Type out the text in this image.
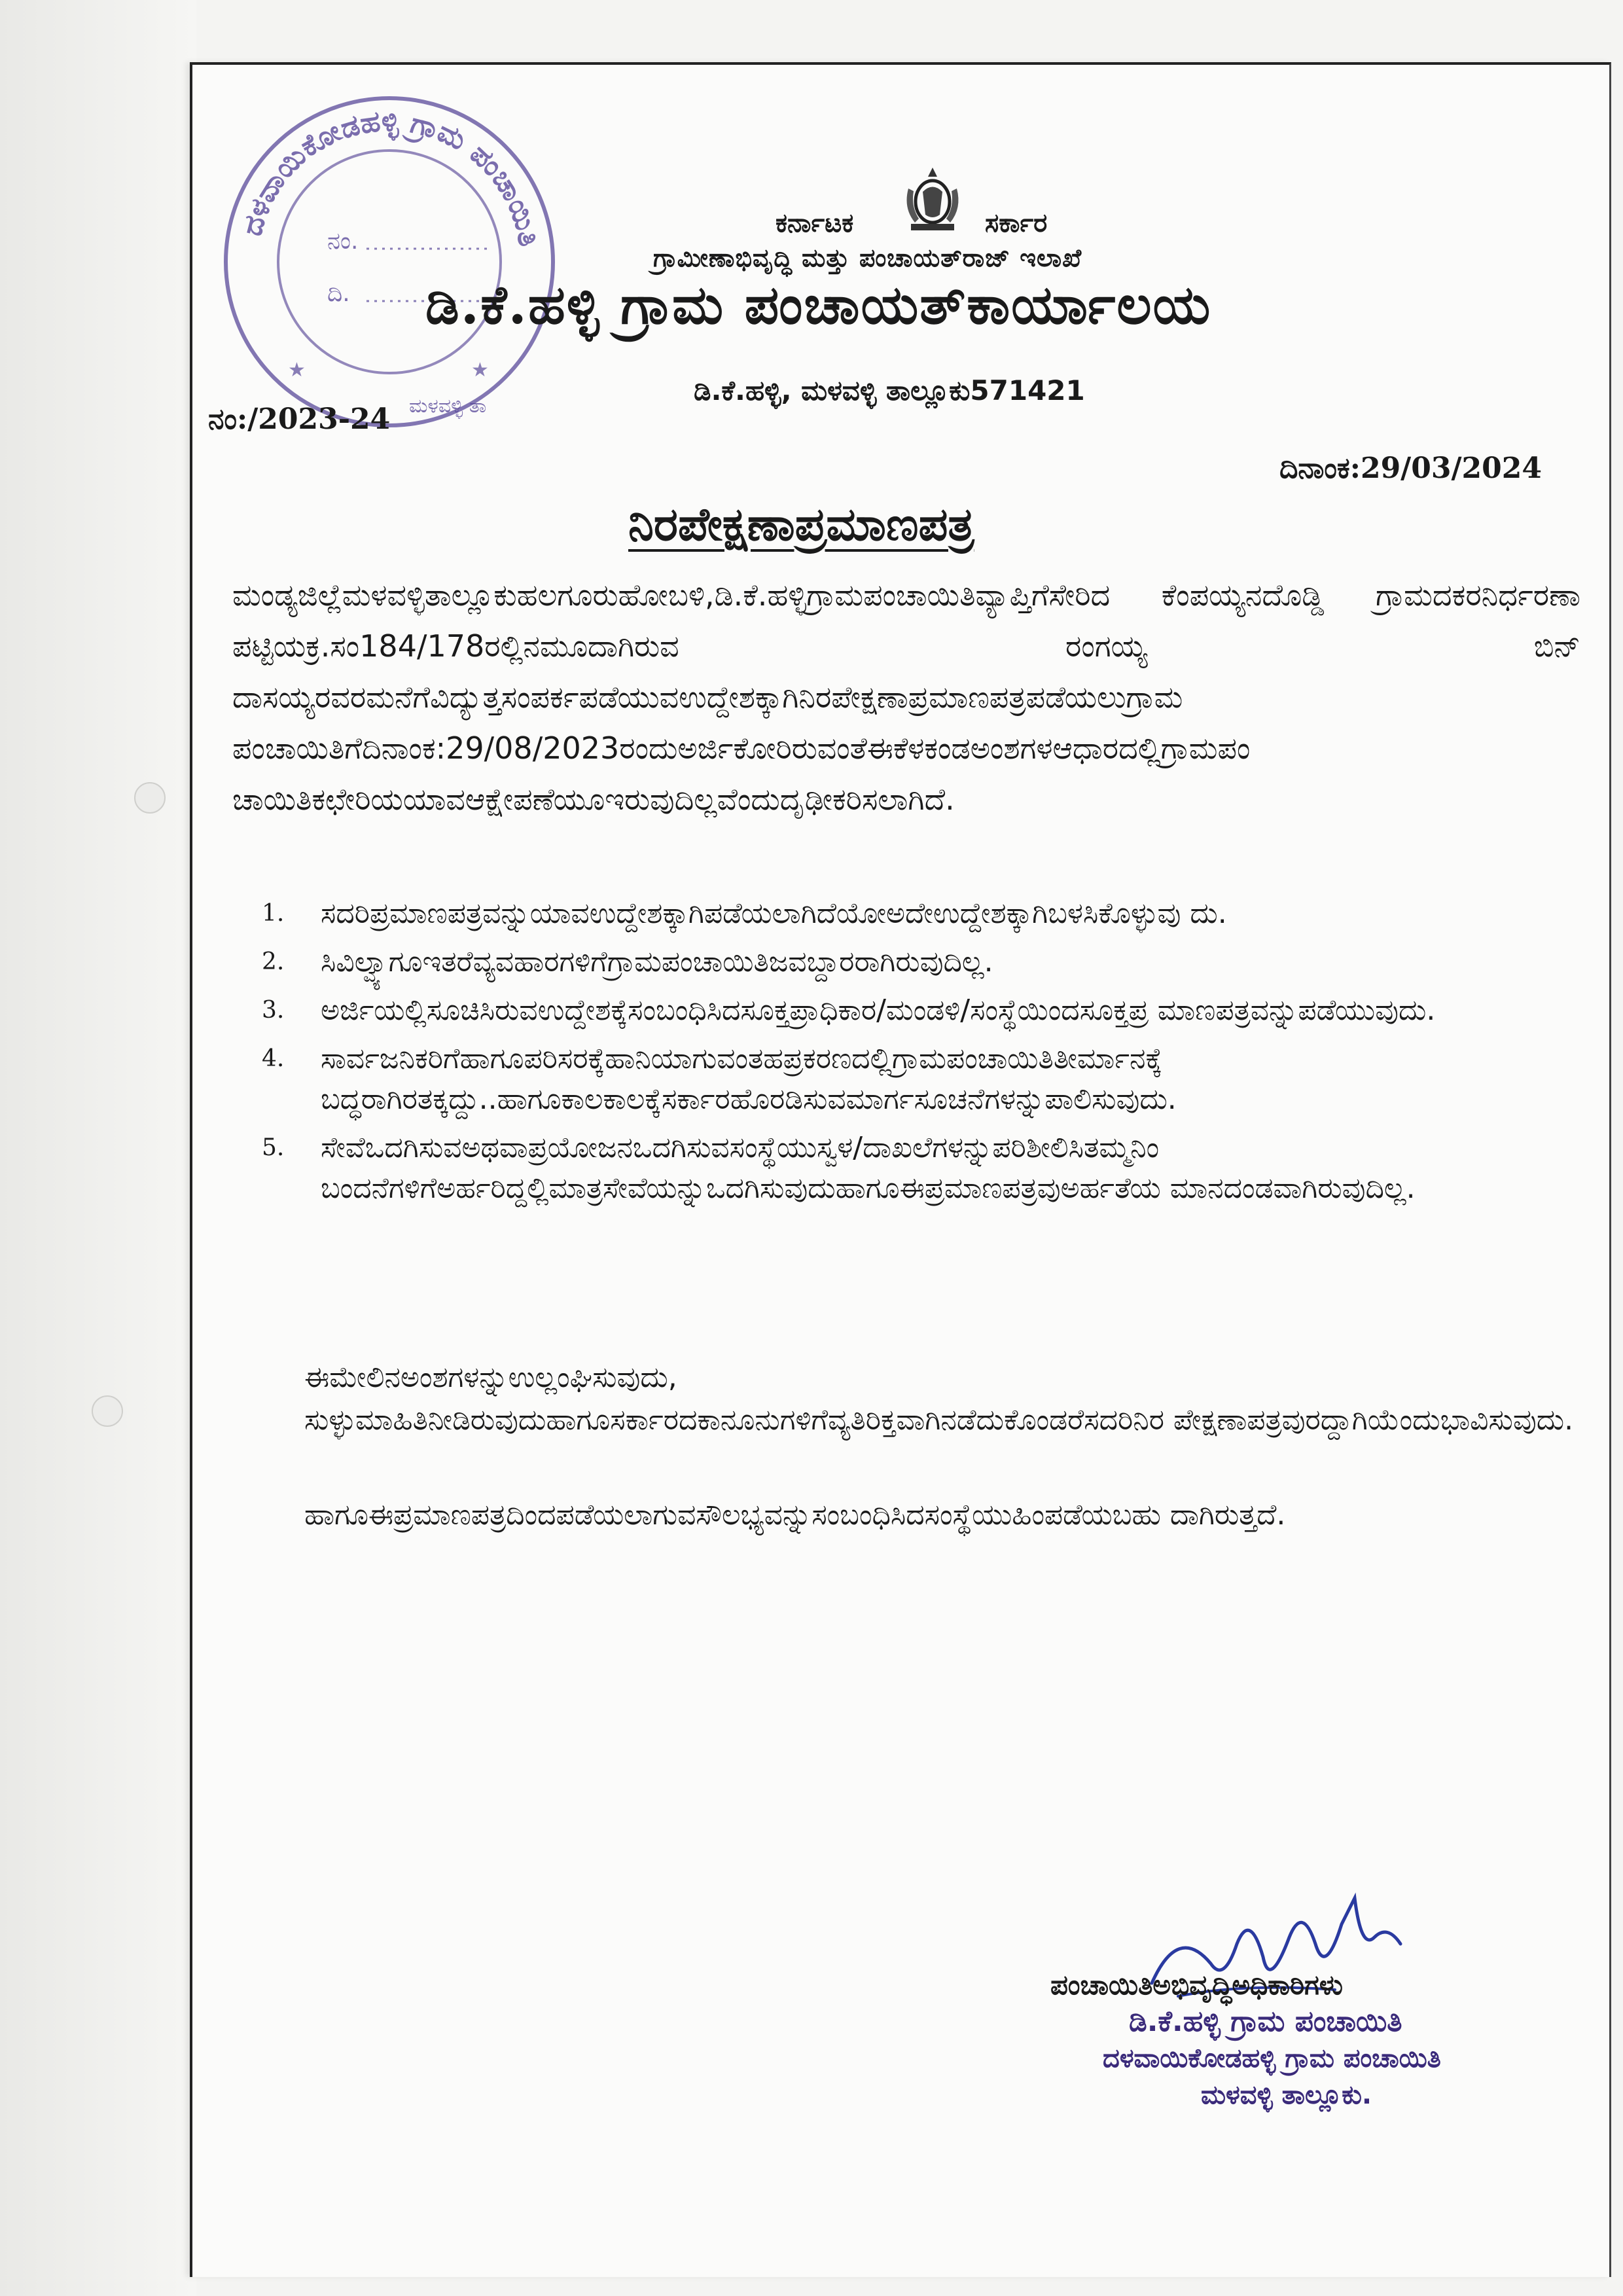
ದಳವಾಯಿಕೋಡಹಳ್ಳಿ ಗ್ರಾಮ ಪಂಚಾಯಿತಿ
ನಂ.
ದಿ.
ಮಳವಳ್ಳಿ ತಾ
★	★
ಕರ್ನಾಟಕ	ಸರ್ಕಾರ
ಗ್ರಾಮೀಣಾಭಿವೃದ್ಧಿ ಮತ್ತು ಪಂಚಾಯತ್‌ರಾಜ್ ಇಲಾಖೆ
ಡಿ.ಕೆ.ಹಳ್ಳಿ ಗ್ರಾಮ ಪಂಚಾಯತ್‌ಕಾರ್ಯಾಲಯ
ಡಿ.ಕೆ.ಹಳ್ಳಿ, ಮಳವಳ್ಳಿ ತಾಲ್ಲೂಕು571421
ನಂ:/2023-24
ದಿನಾಂಕ:29/03/2024
ನಿರಪೇಕ್ಷಣಾಪ್ರಮಾಣಪತ್ರ
ಮಂಡ್ಯಜಿಲ್ಲೆಮಳವಳ್ಳಿತಾಲ್ಲೂಕುಹಲಗೂರುಹೋಬಳಿ,ಡಿ.ಕೆ.ಹಳ್ಳಿಗ್ರಾಮಪಂಚಾಯಿತಿವ್ಯಾಪ್ತಿಗೆಸೇರಿದ ಕೆಂಪಯ್ಯನದೊಡ್ಡಿ ಗ್ರಾಮದಕರನಿರ್ಧರಣಾ ಪಟ್ಟಿಯಕ್ರ.ಸಂ184/178ರಲ್ಲಿನಮೂದಾಗಿರುವ ರಂಗಯ್ಯ ಬಿನ್ ದಾಸಯ್ಯರವರಮನೆಗೆವಿದ್ಯುತ್ತಸಂಪರ್ಕಪಡೆಯುವಉದ್ದೇಶಕ್ಕಾಗಿನಿರಪೇಕ್ಷಣಾಪ್ರಮಾಣಪತ್ರಪಡೆಯಲುಗ್ರಾಮ ಪಂಚಾಯಿತಿಗೆದಿನಾಂಕ:29/08/2023ರಂದುಅರ್ಜಿಕೋರಿರುವಂತೆಈಕೆಳಕಂಡಅಂಶಗಳಆಧಾರದಲ್ಲಿಗ್ರಾಮಪಂ ಚಾಯಿತಿಕಛೇರಿಯಯಾವಆಕ್ಷೇಪಣೆಯೂಇರುವುದಿಲ್ಲವೆಂದುದೃಢೀಕರಿಸಲಾಗಿದೆ.
1. ಸದರಿಪ್ರಮಾಣಪತ್ರವನ್ನುಯಾವಉದ್ದೇಶಕ್ಕಾಗಿಪಡೆಯಲಾಗಿದೆಯೋಅದೇಉದ್ದೇಶಕ್ಕಾಗಿಬಳಸಿಕೊಳ್ಳುವು ದು.
2. ಸಿವಿಲ್ವ್ಯಾಗೂಇತರೆವ್ಯವಹಾರಗಳಿಗೆಗ್ರಾಮಪಂಚಾಯಿತಿಜವಬ್ದಾರರಾಗಿರುವುದಿಲ್ಲ.
3. ಅರ್ಜಿಯಲ್ಲಿಸೂಚಿಸಿರುವಉದ್ದೇಶಕ್ಕೆಸಂಬಂಧಿಸಿದಸೂಕ್ತಪ್ರಾಧಿಕಾರ/ಮಂಡಳಿ/ಸಂಸ್ಥೆಯಿಂದಸೂಕ್ತಪ್ರ ಮಾಣಪತ್ರವನ್ನುಪಡೆಯುವುದು.
4. ಸಾರ್ವಜನಿಕರಿಗೆಹಾಗೂಪರಿಸರಕ್ಕೆಹಾನಿಯಾಗುವಂತಹಪ್ರಕರಣದಲ್ಲಿಗ್ರಾಮಪಂಚಾಯಿತಿತೀರ್ಮಾನಕ್ಕೆ ಬದ್ಧರಾಗಿರತಕ್ಕದ್ದು..ಹಾಗೂಕಾಲಕಾಲಕ್ಕೆಸರ್ಕಾರಹೊರಡಿಸುವಮಾರ್ಗಸೂಚನೆಗಳನ್ನುಪಾಲಿಸುವುದು.
5. ಸೇವೆಒದಗಿಸುವಅಥವಾಪ್ರಯೋಜನಒದಗಿಸುವಸಂಸ್ಥೆಯುಸ್ವಳ/ದಾಖಲೆಗಳನ್ನುಪರಿಶೀಲಿಸಿತಮ್ಮನಿಂ ಬಂದನೆಗಳಿಗೆಅರ್ಹರಿದ್ದಲ್ಲಿಮಾತ್ರಸೇವೆಯನ್ನುಒದಗಿಸುವುದುಹಾಗೂಈಪ್ರಮಾಣಪತ್ರವುಅರ್ಹತೆಯ ಮಾನದಂಡವಾಗಿರುವುದಿಲ್ಲ.
ಈಮೇಲಿನಅಂಶಗಳನ್ನುಉಲ್ಲಂಘಿಸುವುದು,
ಸುಳ್ಳುಮಾಹಿತಿನೀಡಿರುವುದುಹಾಗೂಸರ್ಕಾರದಕಾನೂನುಗಳಿಗೆವ್ಯತಿರಿಕ್ತವಾಗಿನಡೆದುಕೊಂಡರೆಸದರಿನಿರ ಪೇಕ್ಷಣಾಪತ್ರವುರದ್ದಾಗಿಯೆಂದುಭಾವಿಸುವುದು.
ಹಾಗೂಈಪ್ರಮಾಣಪತ್ರದಿಂದಪಡೆಯಲಾಗುವಸೌಲಭ್ಯವನ್ನುಸಂಬಂಧಿಸಿದಸಂಸ್ಥೆಯುಹಿಂಪಡೆಯಬಹು ದಾಗಿರುತ್ತದೆ.
ಪಂಚಾಯಿತಿಅಭಿವೃದ್ಧಿಅಧಿಕಾರಿಗಳು
ಡಿ.ಕೆ.ಹಳ್ಳಿ ಗ್ರಾಮ ಪಂಚಾಯಿತಿ
ದಳವಾಯಿಕೋಡಹಳ್ಳಿ ಗ್ರಾಮ ಪಂಚಾಯಿತಿ
ಮಳವಳ್ಳಿ ತಾಲ್ಲೂಕು.
